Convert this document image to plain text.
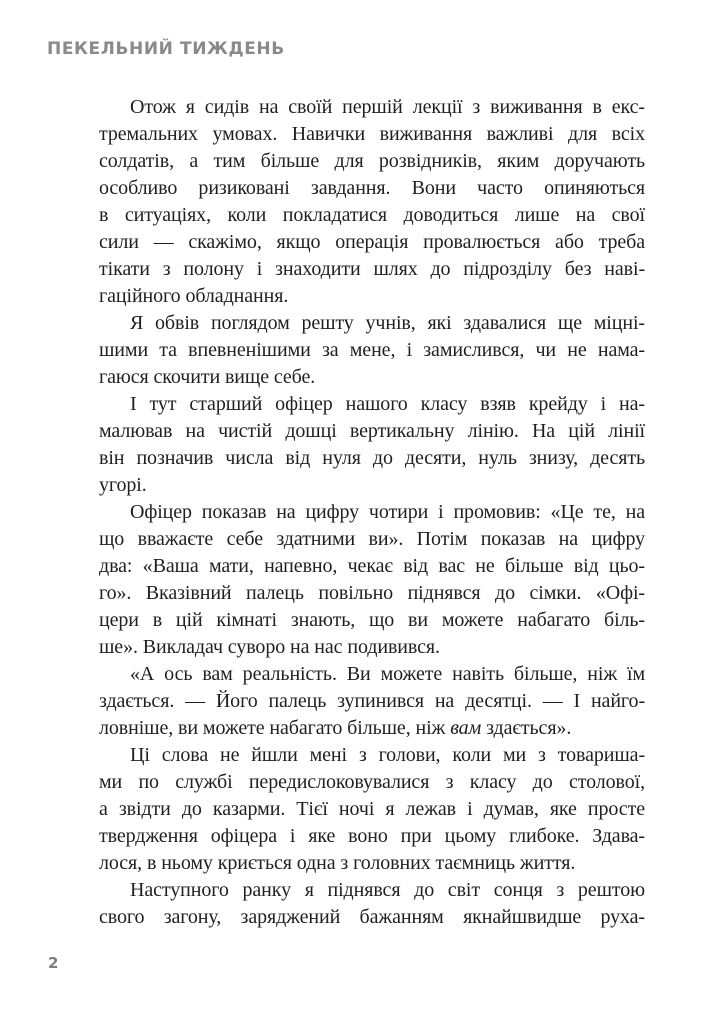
ПЕКЕЛЬНИЙ ТИЖДЕНЬ
Отож я сидів на своїй першій лекції з виживання в екс-
тремальних умовах. Навички виживання важливі для всіх
солдатів, а тим більше для розвідників, яким доручають
особливо ризиковані завдання. Вони часто опиняються
в ситуаціях, коли покладатися доводиться лише на свої
сили — скажімо, якщо операція провалюється або треба
тікати з полону і знаходити шлях до підрозділу без наві-
гаційного обладнання.
Я обвів поглядом решту учнів, які здавалися ще міцні-
шими та впевненішими за мене, і замислився, чи не нама-
гаюся скочити вище себе.
І тут старший офіцер нашого класу взяв крейду і на-
малював на чистій дошці вертикальну лінію. На цій лінії
він позначив числа від нуля до десяти, нуль знизу, десять
угорі.
Офіцер показав на цифру чотири і промовив: «Це те, на
що вважаєте себе здатними ви». Потім показав на цифру
два: «Ваша мати, напевно, чекає від вас не більше від цьо-
го». Вказівний палець повільно піднявся до сімки. «Офі-
цери в цій кімнаті знають, що ви можете набагато біль-
ше». Викладач суворо на нас подивився.
«А ось вам реальність. Ви можете навіть більше, ніж їм
здається. — Його палець зупинився на десятці. — І найго-
ловніше, ви можете набагато більше, ніж вам здається».
Ці слова не йшли мені з голови, коли ми з товариша-
ми по службі передислоковувалися з класу до столової,
а звідти до казарми. Тієї ночі я лежав і думав, яке просте
твердження офіцера і яке воно при цьому глибоке. Здава-
лося, в ньому криється одна з головних таємниць життя.
Наступного ранку я піднявся до світ сонця з рештою
свого загону, заряджений бажанням якнайшвидше руха-
2
